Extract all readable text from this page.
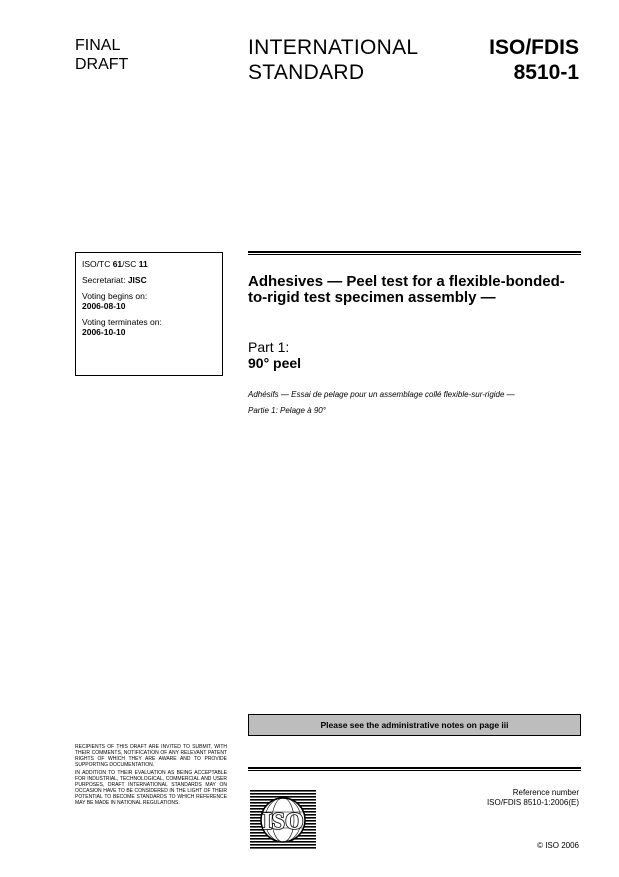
FINAL
DRAFT
INTERNATIONAL
STANDARD
ISO/FDIS
8510-1

ISO/TC 61/SC 11

Secretariat: JISC

Voting begins on:
2006-08-10

Voting terminates on:
2006-10-10

Adhesives — Peel test for a flexible-bonded-to-rigid test specimen assembly —
Part 1:
90° peel

Adhésifs — Essai de pelage pour un assemblage collé flexible-sur-rigide —

Partie 1: Pelage à 90°

Please see the administrative notes on page iii

RECIPIENTS OF THIS DRAFT ARE INVITED TO SUBMIT, WITH THEIR COMMENTS, NOTIFICATION OF ANY RELEVANT PATENT RIGHTS OF WHICH THEY ARE AWARE AND TO PROVIDE SUPPORTING DOCUMENTATION.

IN ADDITION TO THEIR EVALUATION AS BEING ACCEPTABLE FOR INDUSTRIAL, TECHNOLOGICAL, COMMERCIAL AND USER PURPOSES, DRAFT INTERNATIONAL STANDARDS MAY ON OCCASION HAVE TO BE CONSIDERED IN THE LIGHT OF THEIR POTENTIAL TO BECOME STANDARDS TO WHICH REFERENCE MAY BE MADE IN NATIONAL REGULATIONS.

ISO
Reference number
ISO/FDIS 8510-1:2006(E)
© ISO 2006
